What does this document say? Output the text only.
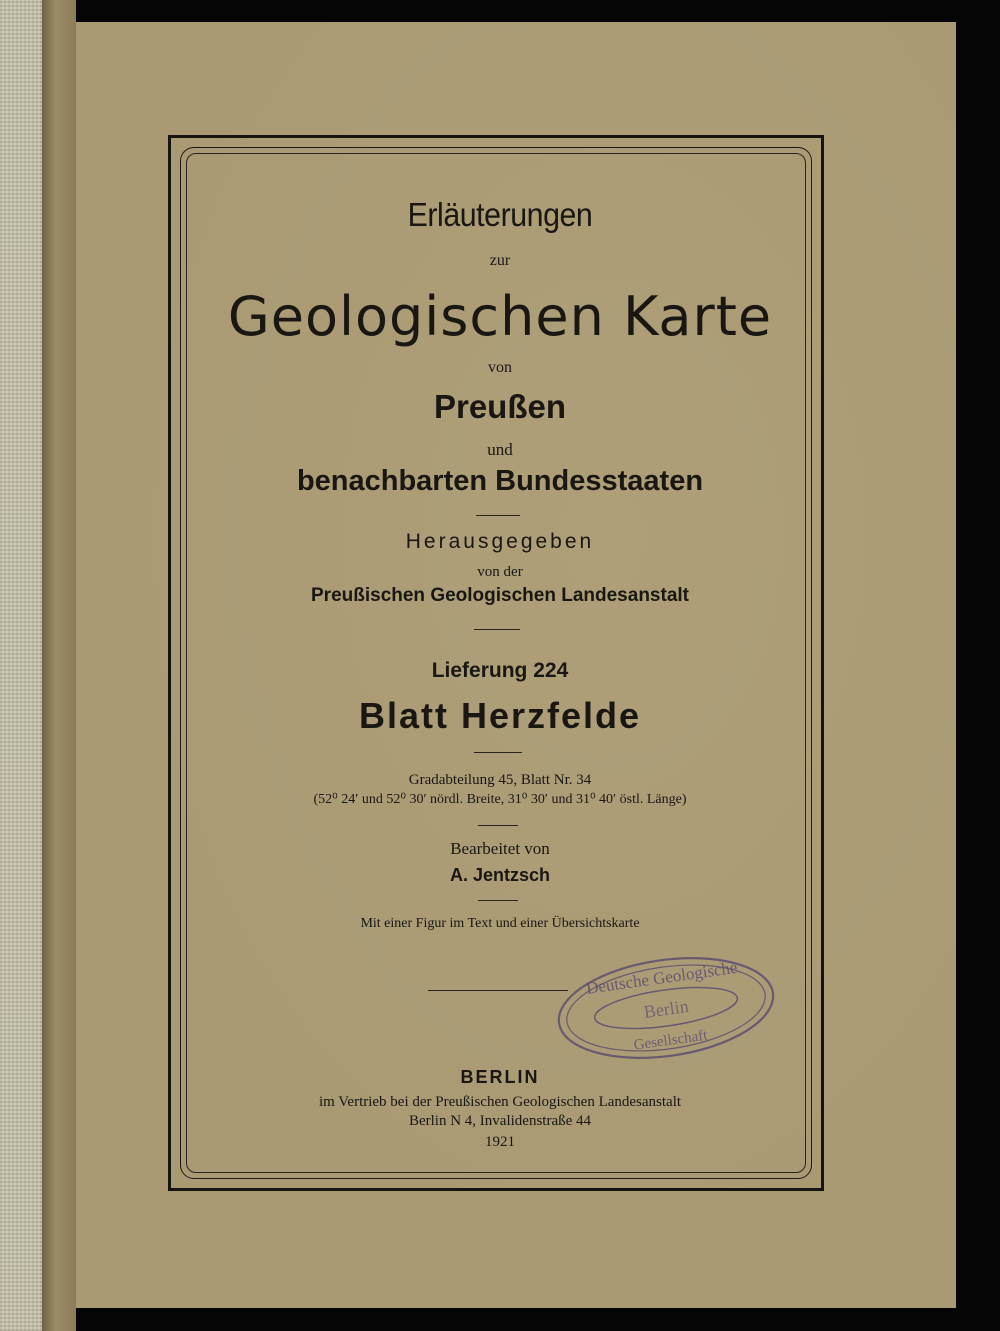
Erläuterungen
zur
Geologischen Karte
von
Preußen
und
benachbarten Bundesstaaten
Herausgegeben
von der
Preußischen Geologischen Landesanstalt
Lieferung 224
Blatt Herzfelde
Gradabteilung 45, Blatt Nr. 34
(52⁰ 24′ und 52⁰ 30′ nördl. Breite, 31⁰ 30′ und 31⁰ 40′ östl. Länge)
Bearbeitet von
A. Jentzsch
Mit einer Figur im Text und einer Übersichtskarte
Deutsche Geologische
Berlin
Gesellschaft
BERLIN
im Vertrieb bei der Preußischen Geologischen Landesanstalt
Berlin N 4, Invalidenstraße 44
1921
